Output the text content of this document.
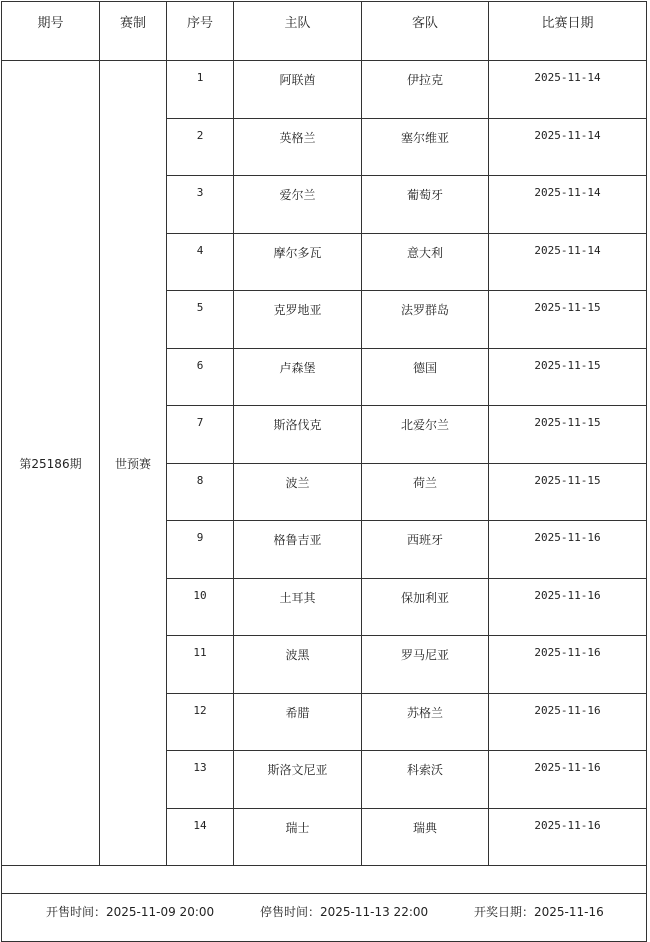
期号	赛制	序号	主队	客队	比赛日期
第25186期	世预赛	1	阿联酋	伊拉克	2025-11-14
		2	英格兰	塞尔维亚	2025-11-14
		3	爱尔兰	葡萄牙	2025-11-14
		4	摩尔多瓦	意大利	2025-11-14
		5	克罗地亚	法罗群岛	2025-11-15
		6	卢森堡	德国	2025-11-15
		7	斯洛伐克	北爱尔兰	2025-11-15
		8	波兰	荷兰	2025-11-15
		9	格鲁吉亚	西班牙	2025-11-16
		10	土耳其	保加利亚	2025-11-16
		11	波黑	罗马尼亚	2025-11-16
		12	希腊	苏格兰	2025-11-16
		13	斯洛文尼亚	科索沃	2025-11-16
		14	瑞士	瑞典	2025-11-16

开售时间：2025-11-09 20:00 停售时间：2025-11-13 22:00 开奖日期：2025-11-16					
